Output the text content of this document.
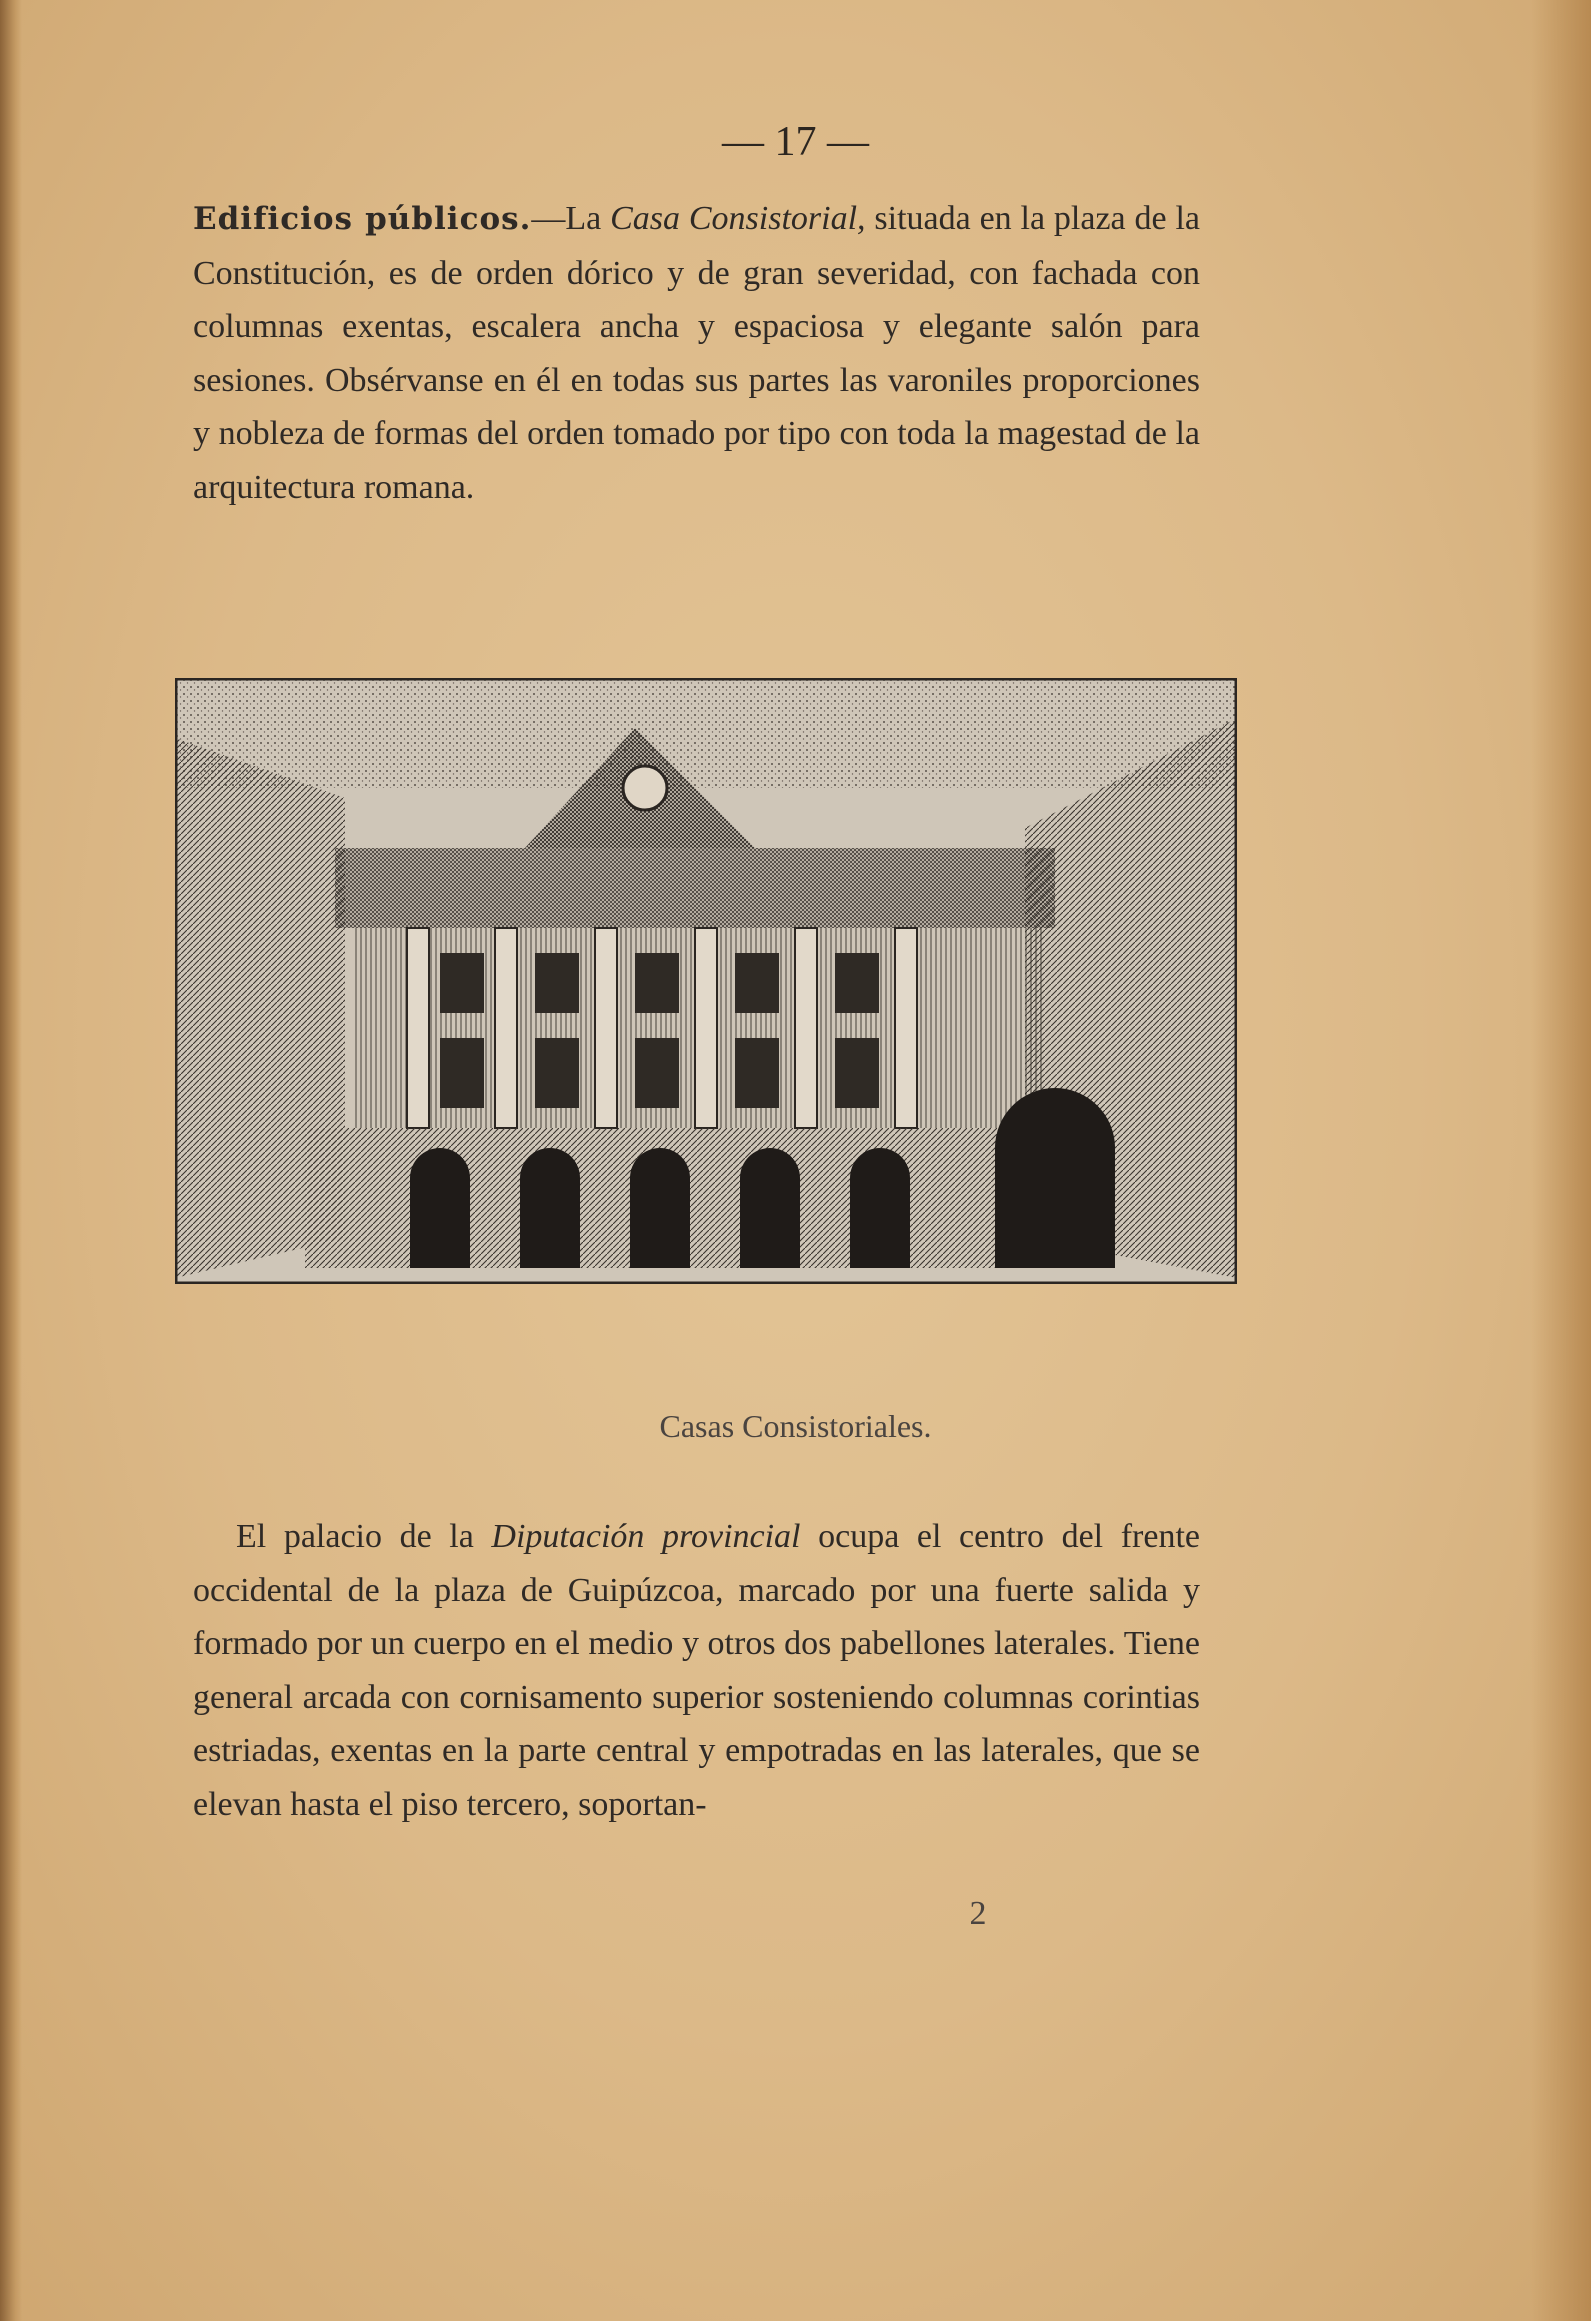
— 17 —

Edificios públicos.—La Casa Consistorial, situada en la plaza de la Constitución, es de orden dórico y de gran severidad, con fachada con columnas exentas, escalera ancha y espaciosa y elegante salón para sesiones. Obsérvanse en él en todas sus partes las varoniles proporciones y nobleza de formas del orden tomado por tipo con toda la magestad de la arquitectura romana.

Casas Consistoriales.

El palacio de la Diputación provincial ocupa el centro del frente occidental de la plaza de Guipúzcoa, marcado por una fuerte salida y formado por un cuerpo en el medio y otros dos pabellones laterales. Tiene general arcada con cornisamento superior sosteniendo columnas corintias estriadas, exentas en la parte central y empotradas en las laterales, que se elevan hasta el piso tercero, soportan-

2
